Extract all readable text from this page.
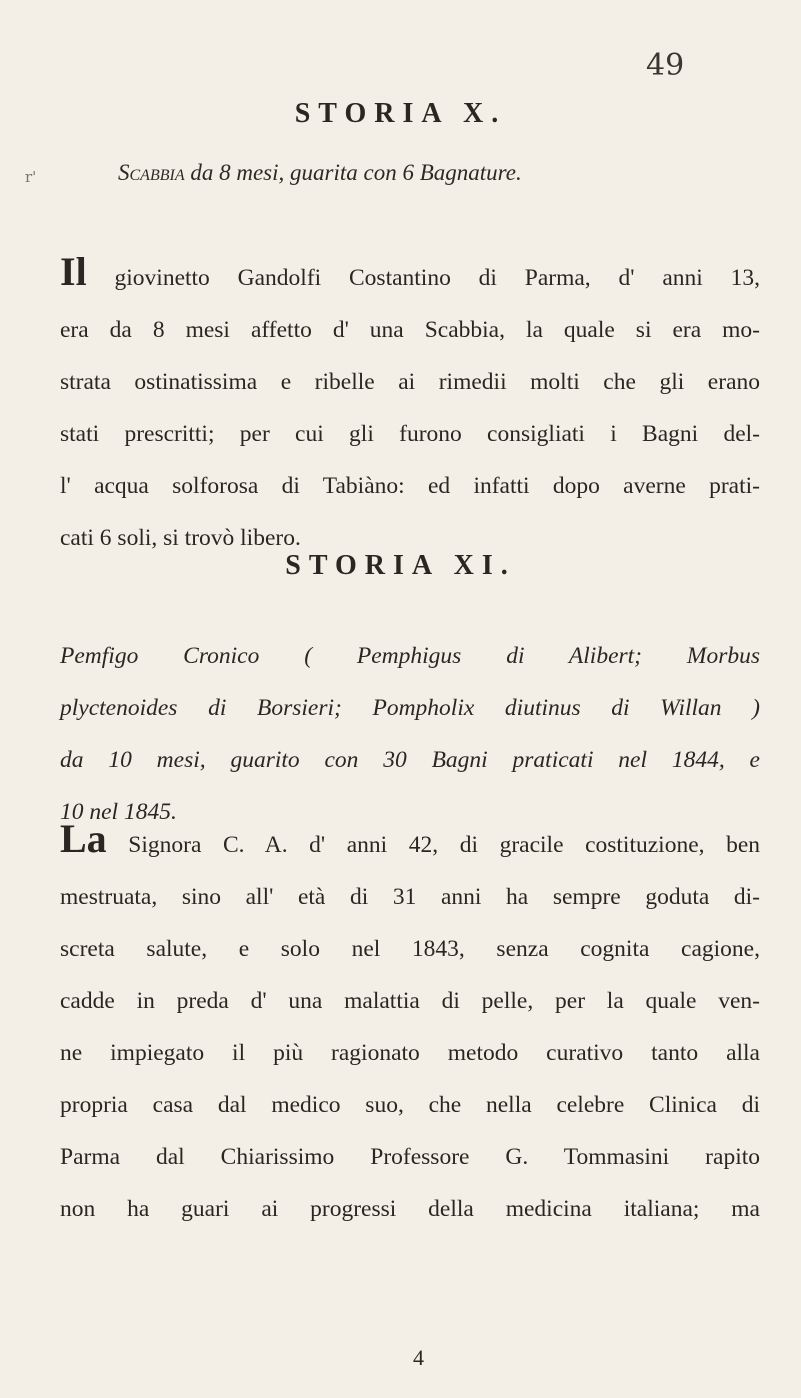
49
STORIA X.
r'	Scabbia da 8 mesi, guarita con 6 Bagnature.
Il giovinetto Gandolfi Costantino di Parma, d' anni 13,
era da 8 mesi affetto d' una Scabbia, la quale si era mo-
strata ostinatissima e ribelle ai rimedii molti che gli erano
stati prescritti; per cui gli furono consigliati i Bagni del-
l' acqua solforosa di Tabiàno: ed infatti dopo averne prati-
cati 6 soli, si trovò libero.
STORIA XI.
Pemfigo Cronico ( Pemphigus di Alibert; Morbus
plyctenoides di Borsieri; Pompholix diutinus di Willan )
da 10 mesi, guarito con 30 Bagni praticati nel 1844, e
10 nel 1845.
La Signora C. A. d' anni 42, di gracile costituzione, ben
mestruata, sino all' età di 31 anni ha sempre goduta di-
screta salute, e solo nel 1843, senza cognita cagione,
cadde in preda d' una malattia di pelle, per la quale ven-
ne impiegato il più ragionato metodo curativo tanto alla
propria casa dal medico suo, che nella celebre Clinica di
Parma dal Chiarissimo Professore G. Tommasini rapito
non ha guari ai progressi della medicina italiana; ma
4
